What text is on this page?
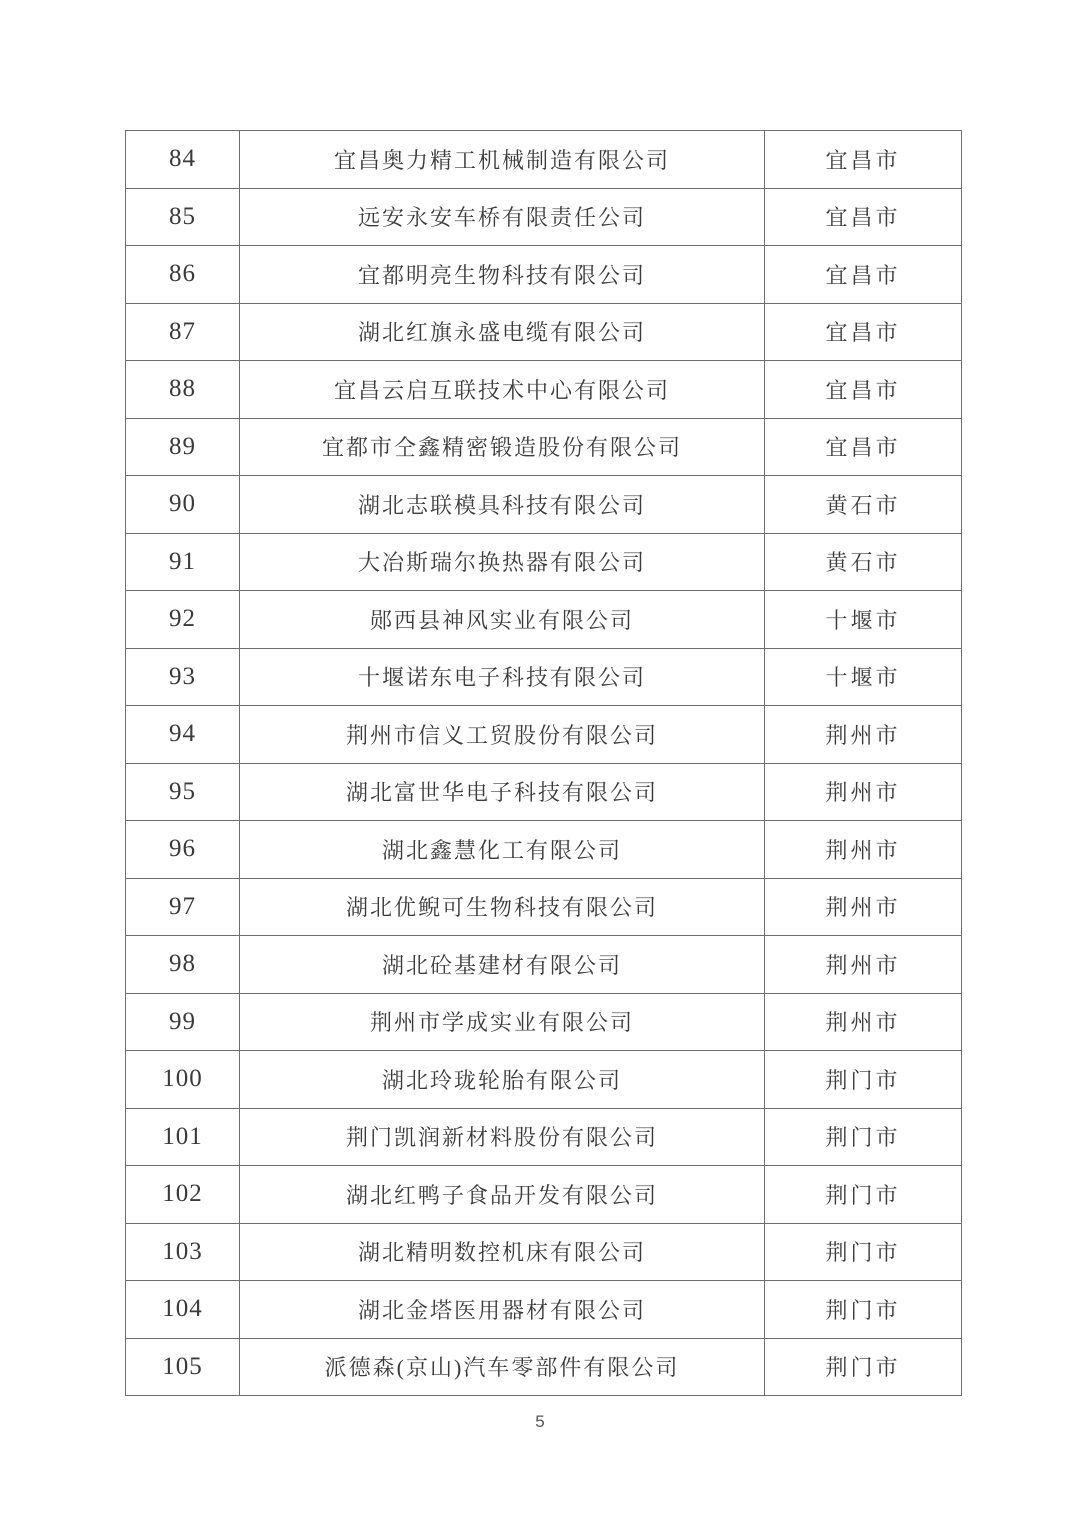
84	宜昌奥力精工机械制造有限公司	宜昌市
85	远安永安车桥有限责任公司	宜昌市
86	宜都明亮生物科技有限公司	宜昌市
87	湖北红旗永盛电缆有限公司	宜昌市
88	宜昌云启互联技术中心有限公司	宜昌市
89	宜都市仝鑫精密锻造股份有限公司	宜昌市
90	湖北志联模具科技有限公司	黄石市
91	大冶斯瑞尔换热器有限公司	黄石市
92	郧西县神风实业有限公司	十堰市
93	十堰诺东电子科技有限公司	十堰市
94	荆州市信义工贸股份有限公司	荆州市
95	湖北富世华电子科技有限公司	荆州市
96	湖北鑫慧化工有限公司	荆州市
97	湖北优鲵可生物科技有限公司	荆州市
98	湖北砼基建材有限公司	荆州市
99	荆州市学成实业有限公司	荆州市
100	湖北玲珑轮胎有限公司	荆门市
101	荆门凯润新材料股份有限公司	荆门市
102	湖北红鸭子食品开发有限公司	荆门市
103	湖北精明数控机床有限公司	荆门市
104	湖北金塔医用器材有限公司	荆门市
105	派德森(京山)汽车零部件有限公司	荆门市
5
